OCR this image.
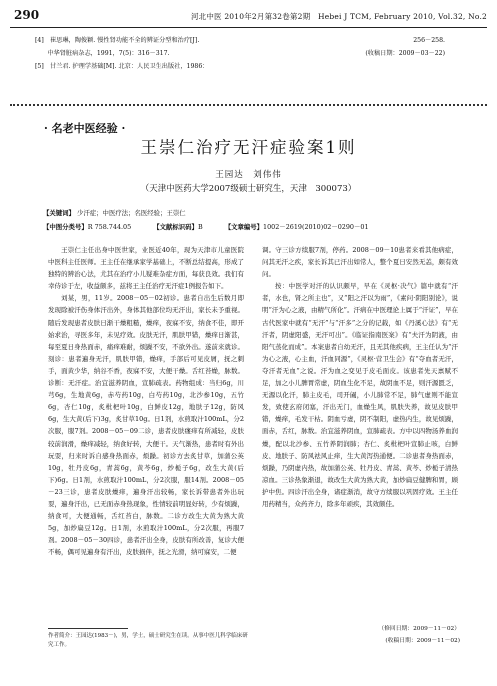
290	河北中医 2010年2月第32卷第2期　Hebei J TCM, February 2010, Vol.32, No.2
[4]　崔思琳，陶俊颖. 慢性肾功能不全的辨证分型和治疗[J].	256－258.
　　中华肾脏病杂志，1991，7(5)：316－317.	(收稿日期：2009－03－22)
[5]　甘兰君. 护理学基础[M]. 北京：人民卫生出版社，1986：
· 名老中医经验 ·
王崇仁治疗无汗症验案1则
王园达　刘伟伟
（天津中医药大学2007级硕士研究生，天津　300073）
【关键词】 少汗症；中医疗法；名医经验；王崇仁
【中图分类号】R 758.744.05	【文献标识码】B	【文章编号】1002－2619(2010)02－0290－01

王崇仁主任出身中医世家，业医近40年，现为天津市儿童医院中医科主任医师。王主任在继承家学基础上，不断总结提高，形成了独特的辨治心法，尤其在治疗小儿疑难杂症方面，每获良效。我们有幸侍诊于左，收益颇多，兹将王主任治疗无汗症1例报告如下。

刘某，男，11岁。2008－05－02初诊。患者自出生后数月即发现除被汗伤身体汗出外，身体其他部位均无汗出，家长未予重视。随后发现患者皮肤日渐干燥粗糙，燥痒，夜寐不安，纳食不佳，即开始求治，寻医多年，未见疗效。皮肤无汗，肌肤甲错，燥痒日渐甚，每至夏日身热面赤，痛痒难耐，烦躁不安，不欲外出。遂前来就诊。刻诊：患者遍身无汗，肌肤甲错，燥痒，手部后可见皮屑，抚之刺手，面黄少华，纳谷不香，夜寐不安，大便干燥。舌红苔燥，脉数。诊断：无汗症。治宜滋养阴血，宣肺疏表。药物组成：当归6g，川芎6g，生地黄6g，赤芍药10g，白芍药10g，北沙参10g，五竹6g，杏仁10g，炙枇杷叶10g，白鲜皮12g，地肤子12g，防风6g，生大黄(后下)3g，炙甘草10g。日1剂，水煎取汁100mL，分2次服，服7剂。2008－05－09二诊，患者皮肤瘙痒有所减轻，皮肤较前润滑，燥痒减轻，纳食好转，大便干。天气渐热，患者时有外出玩耍，归来时诉自感身热面赤，烦躁。初诊方去炙甘草，加蒲公英10g，牡丹皮6g，青蒿6g，黄芩6g，炒栀子6g，改生大黄(后下)6g。日1剂，水煎取汁100mL，分2次服，服14剂。2008－05－23三诊，患者皮肤燥痒，遍身汗出较畅，家长诉带患者外出玩耍，遍身汗出，已无面赤身热现象，性情较前明显好转，少有烦躁，纳食可，大便通畅，舌红苔白，脉数。二诊方改生大黄为熟大黄5g，加炒扁豆12g。日1剂，水煎取汁100mL，分2次服，再服7剂。2008－05－30四诊，患者汗出全身，皮肤有所改善，复诊大便不畅，偶可见遍身有汗出，皮肤损伴，抚之光滑，纳可寐安，二便

调。守三诊方续服7剂，停药。2008－09－10患者来看其他病症，问其无汗之疾，家长诉其已汗出如常人，整个夏日安然无恙，颇有效问。

按：中医学对汗的认识颇早，早在《灵枢·决气》篇中就有“汗者，水也，肾之所主也”，又“阳之汗以为雨”，《素问·阴阳别论》，说明“汗为心之液，由精气所化”。汗病在中医理论上属于“汗证”，早在古代医家中就有“无汗”与“汗多”之分的记载，如《丹溪心法》有“无汗者，阴虚阳盛，无汗可出”。《临证指南医案》有“夫汗为阴液，由阳气蒸化而成”。本案患者自幼无汗，且无其他疾病，王主任认为“汗为心之液，心主血，汗血同源”，《灵枢·营卫生会》有“夺血者无汗，夺汗者无血”之说。汗为血之变见于皮毛面皮。该患者先天禀赋不足，加之小儿脾胃常虚，阴血生化不足，故阴血不足，则汗源匮乏，无源以化汗，肺主皮毛，司开阖，小儿肺常不足，肺气虚则不能宣发，致使玄府闭塞，汗出无门，血燥生风，肌肤失养，故见皮肤甲错，燥痒，毛发干枯。阴血亏虚，阴不制阳，虚热内生，故见烦躁，面赤，舌红，脉数。治宜滋养阴血，宣肺疏表。方中以四物汤养血润燥，配以北沙参、五竹养阴润肺；杏仁、炙枇杷叶宣肺止咳，白鲜皮、地肤子、防风祛风止痒，生大黄泻热通便。二诊患者身热面赤，烦躁，乃阴虚内热，故加蒲公英、牡丹皮、青蒿、黄芩、炒栀子清热凉血。三诊热象渐退，故改生大黄为熟大黄，加炒扁豆健脾和胃，顾护中焦。四诊汗出全身，诸症渐消，故守方续服以巩固疗效。王主任用药精当，众药齐力，除多年顽疾，其效颇佳。

（修回日期：2009－11－02）
(收稿日期：2009－11－02)
作者简介：王园达(1983－)，男，学士，硕士研究生在读。从事中医儿科学临床研究工作。
